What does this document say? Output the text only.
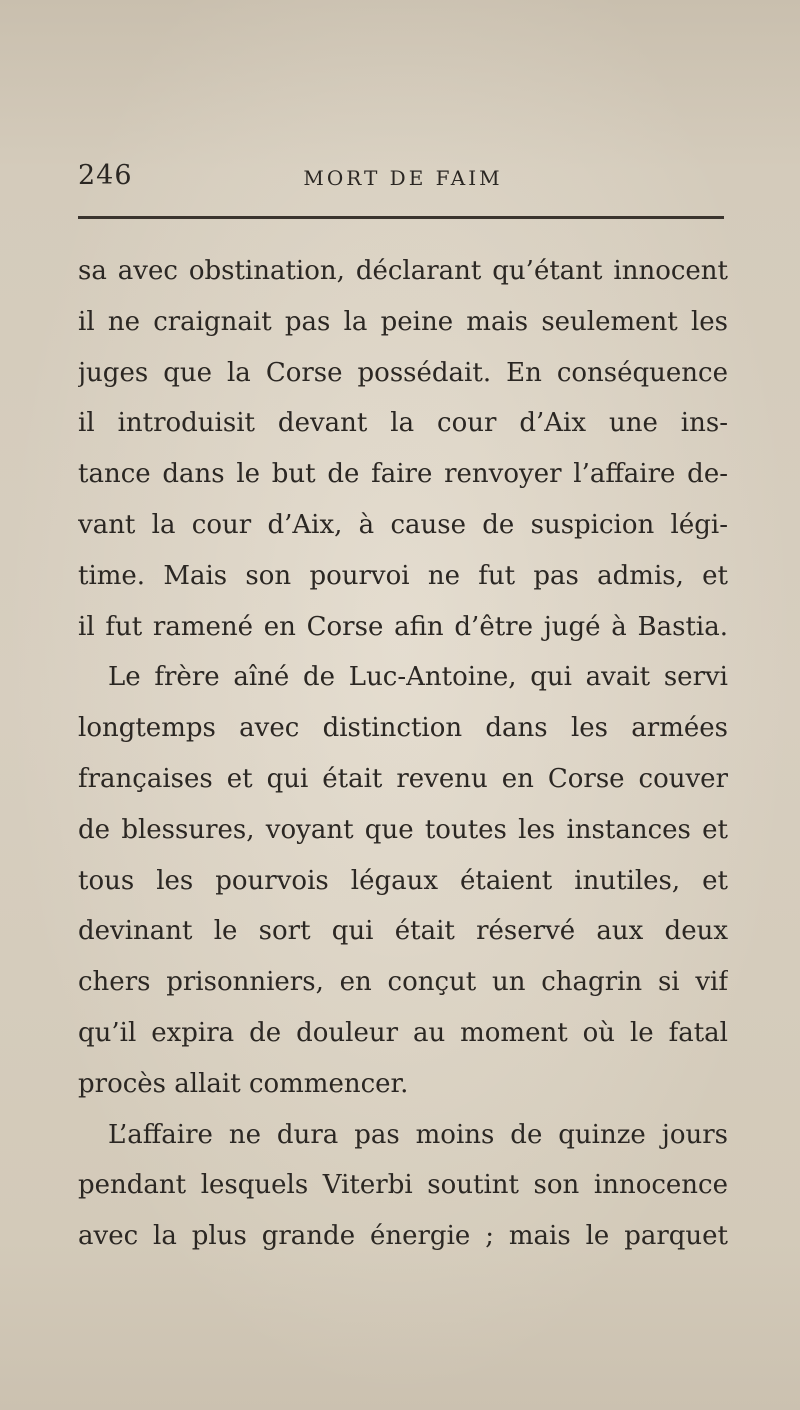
246	MORT DE FAIM
sa avec obstination, déclarant qu’étant innocent
il ne craignait pas la peine mais seulement les
juges que la Corse possédait. En conséquence
il introduisit devant la cour d’Aix une ins-
tance dans le but de faire renvoyer l’affaire de-
vant la cour d’Aix, à cause de suspicion légi-
time. Mais son pourvoi ne fut pas admis, et
il fut ramené en Corse afin d’être jugé à Bastia.
Le frère aîné de Luc-Antoine, qui avait servi
longtemps avec distinction dans les armées
françaises et qui était revenu en Corse couver
de blessures, voyant que toutes les instances et
tous les pourvois légaux étaient inutiles, et
devinant le sort qui était réservé aux deux
chers prisonniers, en conçut un chagrin si vif
qu’il expira de douleur au moment où le fatal
procès allait commencer.
L’affaire ne dura pas moins de quinze jours
pendant lesquels Viterbi soutint son innocence
avec la plus grande énergie ; mais le parquet
